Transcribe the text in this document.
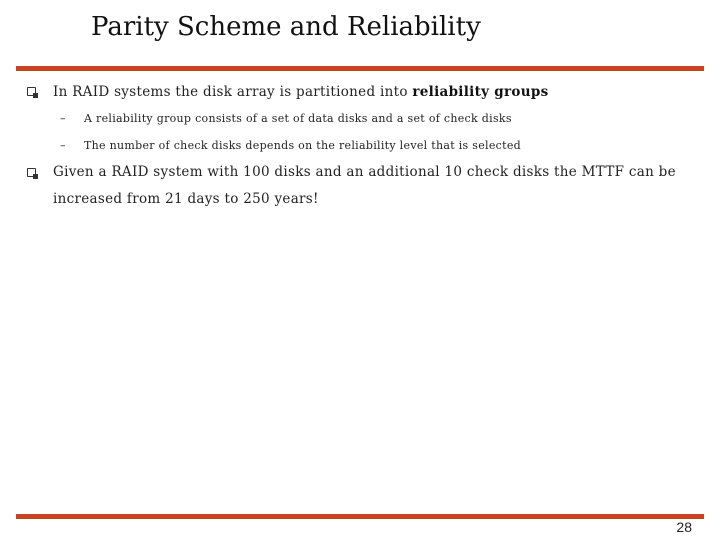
Parity Scheme and Reliability
In RAID systems the disk array is partitioned into reliability groups
– A reliability group consists of a set of data disks and a set of check disks
– The number of check disks depends on the reliability level that is selected
Given a RAID system with 100 disks and an additional 10 check disks the MTTF can be increased from 21 days to 250 years!
28
